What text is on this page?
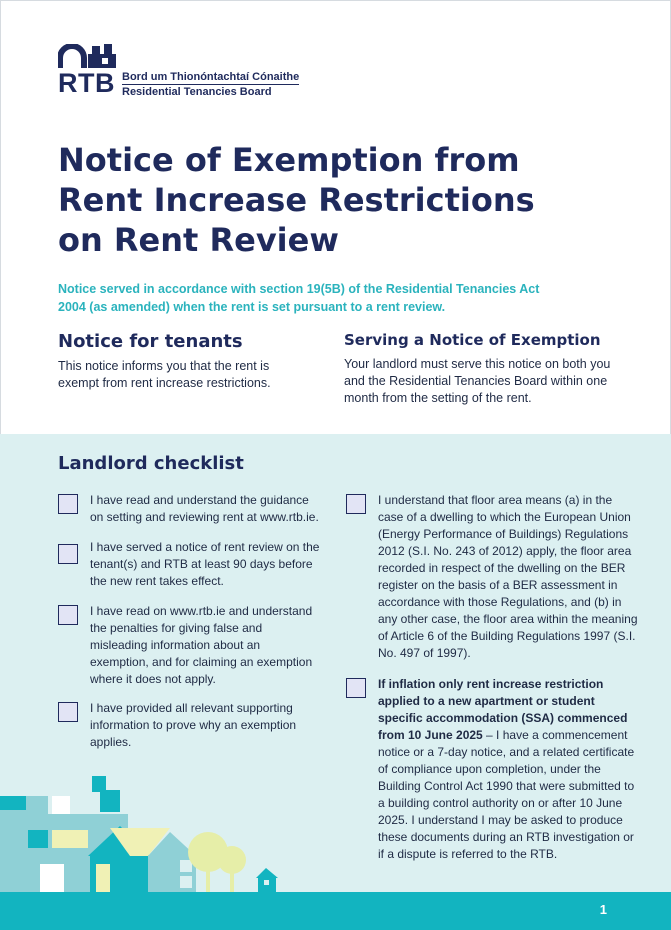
RTB Bord um Thionóntachtaí Cónaithe
Residential Tenancies Board
Notice of Exemption from
Rent Increase Restrictions
on Rent Review

Notice served in accordance with section 19(5B) of the Residential Tenancies Act 2004 (as amended) when the rent is set pursuant to a rent review.

Notice for tenants

This notice informs you that the rent is exempt from rent increase restrictions.

Serving a Notice of Exemption

Your landlord must serve this notice on both you and the Residential Tenancies Board within one month from the setting of the rent.

Landlord checklist

I have read and understand the guidance on setting and reviewing rent at www.rtb.ie.

I have served a notice of rent review on the tenant(s) and RTB at least 90 days before the new rent takes effect.

I have read on www.rtb.ie and understand the penalties for giving false and misleading information about an exemption, and for claiming an exemption where it does not apply.

I have provided all relevant supporting information to prove why an exemption applies.

I understand that floor area means (a) in the case of a dwelling to which the European Union (Energy Performance of Buildings) Regulations 2012 (S.I. No. 243 of 2012) apply, the floor area recorded in respect of the dwelling on the BER register on the basis of a BER assessment in accordance with those Regulations, and (b) in any other case, the floor area within the meaning of Article 6 of the Building Regulations 1997 (S.I. No. 497 of 1997).

If inflation only rent increase restriction applied to a new apartment or student specific accommodation (SSA) commenced from 10 June 2025 – I have a commencement notice or a 7-day notice, and a related certificate of compliance upon completion, under the Building Control Act 1990 that were submitted to a building control authority on or after 10 June 2025. I understand I may be asked to produce these documents during an RTB investigation or if a dispute is referred to the RTB.

1
